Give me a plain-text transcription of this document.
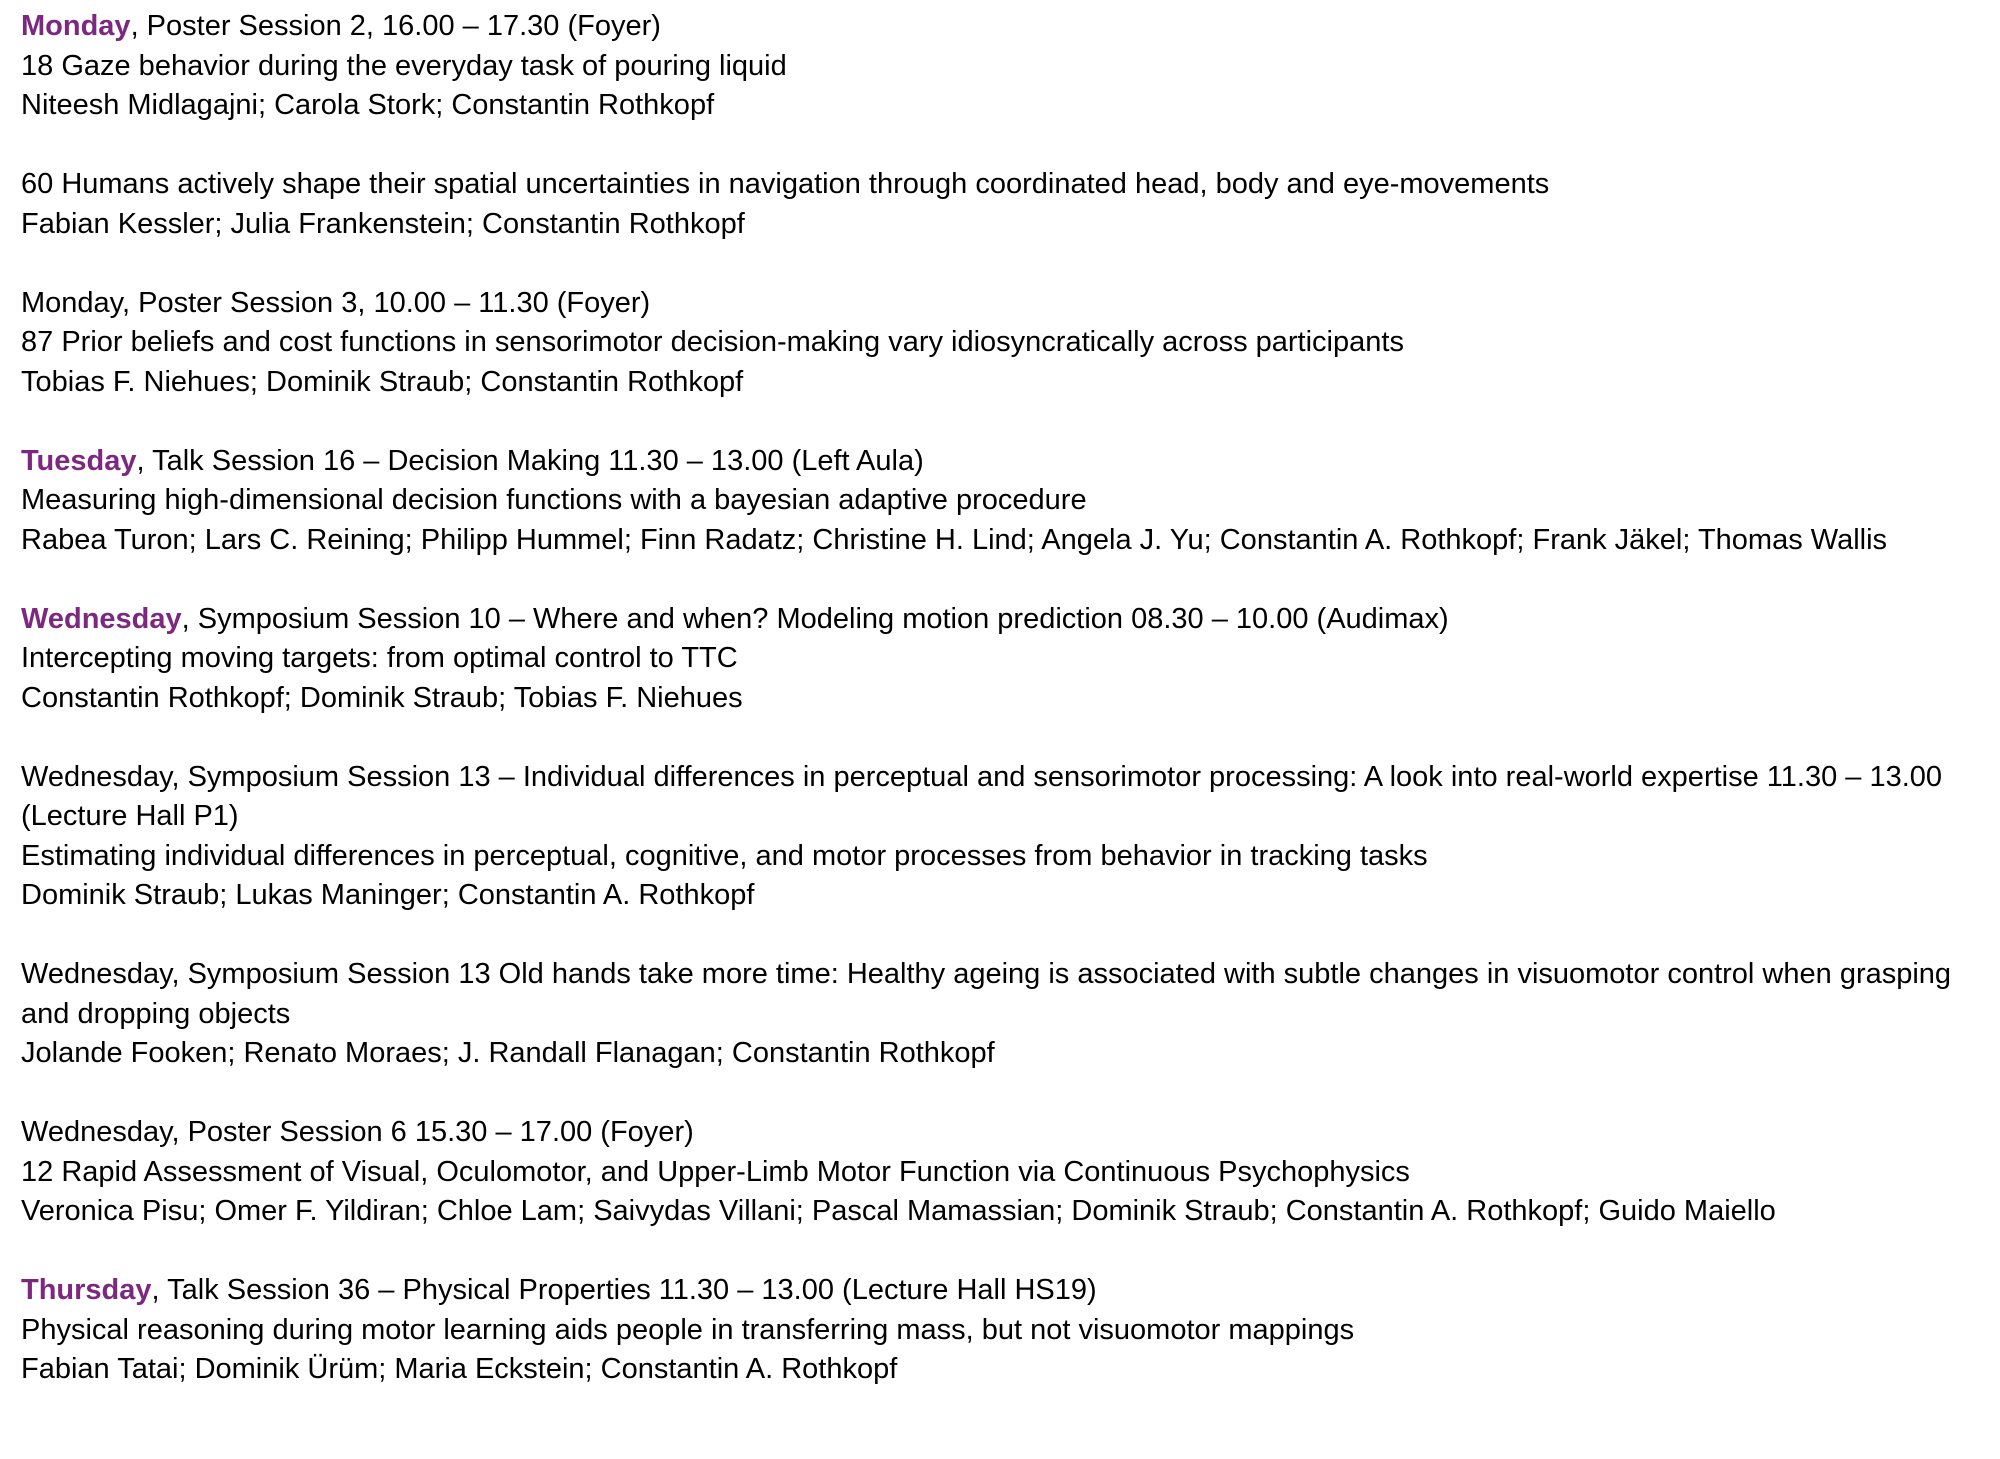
Monday, Poster Session 2, 16.00 – 17.30 (Foyer)
18 Gaze behavior during the everyday task of pouring liquid
Niteesh Midlagajni; Carola Stork; Constantin Rothkopf
60 Humans actively shape their spatial uncertainties in navigation through coordinated head, body and eye-movements
Fabian Kessler; Julia Frankenstein; Constantin Rothkopf
Monday, Poster Session 3, 10.00 – 11.30 (Foyer)
87 Prior beliefs and cost functions in sensorimotor decision-making vary idiosyncratically across participants
Tobias F. Niehues; Dominik Straub; Constantin Rothkopf
Tuesday, Talk Session 16 – Decision Making 11.30 – 13.00 (Left Aula)
Measuring high-dimensional decision functions with a bayesian adaptive procedure
Rabea Turon; Lars C. Reining; Philipp Hummel; Finn Radatz; Christine H. Lind; Angela J. Yu; Constantin A. Rothkopf; Frank Jäkel; Thomas Wallis
Wednesday, Symposium Session 10 – Where and when? Modeling motion prediction 08.30 – 10.00 (Audimax)
Intercepting moving targets: from optimal control to TTC
Constantin Rothkopf; Dominik Straub; Tobias F. Niehues
Wednesday, Symposium Session 13 – Individual differences in perceptual and sensorimotor processing: A look into real-world expertise 11.30 – 13.00 (Lecture Hall P1)
Estimating individual differences in perceptual, cognitive, and motor processes from behavior in tracking tasks
Dominik Straub; Lukas Maninger; Constantin A. Rothkopf
Wednesday, Symposium Session 13 Old hands take more time: Healthy ageing is associated with subtle changes in visuomotor control when grasping and dropping objects
Jolande Fooken; Renato Moraes; J. Randall Flanagan; Constantin Rothkopf
Wednesday, Poster Session 6 15.30 – 17.00 (Foyer)
12 Rapid Assessment of Visual, Oculomotor, and Upper-Limb Motor Function via Continuous Psychophysics
Veronica Pisu; Omer F. Yildiran; Chloe Lam; Saivydas Villani; Pascal Mamassian; Dominik Straub; Constantin A. Rothkopf; Guido Maiello
Thursday, Talk Session 36 – Physical Properties 11.30 – 13.00 (Lecture Hall HS19)
Physical reasoning during motor learning aids people in transferring mass, but not visuomotor mappings
Fabian Tatai; Dominik Ürüm; Maria Eckstein; Constantin A. Rothkopf
